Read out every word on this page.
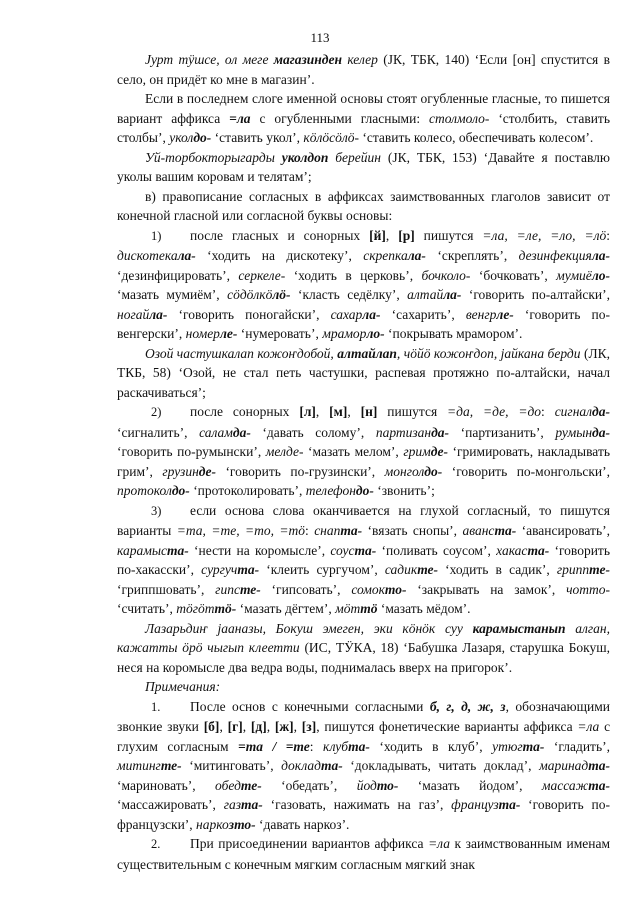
113

Јурт тӱшсе, ол меге магазинден келер (ЈК, ТБК, 140) ‘Если [он] спустится в село, он придёт ко мне в магазин’.

Если в последнем слоге именной основы стоят огубленные гласные, то пишется вариант аффикса =ла с огубленными гласными: столмоло- ‘столбить, ставить столбы’, уколдо- ‘ставить укол’, кӧлӧсӧлӧ- ‘ставить колесо, обеспечивать колесом’.

Уй-торбокторыгарды уколдоп берейин (ЈК, ТБК, 153) ‘Давайте я поставлю уколы вашим коровам и телятам’;

в) правописание согласных в аффиксах заимствованных глаголов зависит от конечной гласной или согласной буквы основы:

1) после гласных и сонорных [й], [р] пишутся =ла, =ле, =ло, =лӧ: дискотекала- ‘ходить на дискотеку’, скрепкала- ‘скреплять’, дезинфекцияла- ‘дезинфицировать’, серкеле- ‘ходить в церковь’, бочколо- ‘бочковать’, мумиёло- ‘мазать мумиём’, сӧдӧлкӧлӧ- ‘класть седёлку’, алтайла- ‘говорить по-алтайски’, ногайла- ‘говорить поногайски’, сахарла- ‘сахарить’, венгрле- ‘говорить по-венгерски’, номерле- ‘нумеровать’, мраморло- ‘покрывать мрамором’.

Озой частушкалап кожоҥдобой, алтайлап, чӧйӧ кожоҥдоп, јайкана берди (ЛК, ТКБ, 58) ‘Озой, не стал петь частушки, распевая протяжно по-алтайски, начал раскачиваться’;

2) после сонорных [л], [м], [н] пишутся =да, =де, =до: сигналда- ‘сигналить’, саламда- ‘давать солому’, партизанда- ‘партизанить’, румында- ‘говорить по-румынски’, мелде- ‘мазать мелом’, гримде- ‘гримировать, накладывать грим’, грузинде- ‘говорить по-грузински’, монголдо- ‘говорить по-монгольски’, протоколдо- ‘протоколировать’, телефондо- ‘звонить’;

3) если основа слова оканчивается на глухой согласный, то пишутся варианты =та, =те, =то, =тӧ: снапта- ‘вязать снопы’, аванста- ‘авансировать’, карамыста- ‘нести на коромысле’, соуста- ‘поливать соусом’, хакаста- ‘говорить по-хакасски’, сургучта- ‘клеить сургучом’, садикте- ‘ходить в садик’, гриппте- ‘гриппшовать’, гипсте- ‘гипсовать’, сомокто- ‘закрывать на замок’, чотто- ‘считать’, тӧгӧттӧ- ‘мазать дёгтем’, мӧттӧ ‘мазать мёдом’.

Лазарьдиҥ јааназы, Бокуш эмеген, эки кӧнӧк суу карамыстанып алган, кажатты ӧрӧ чыгып клеетти (ИС, ТӰКА, 18) ‘Бабушка Лазаря, старушка Бокуш, неся на коромысле два ведра воды, поднималась вверх на пригорок’.

Примечания:

1. После основ с конечными согласными б, г, д, ж, з, обозначающими звонкие звуки [б], [г], [д], [ж], [з], пишутся фонетические варианты аффикса =ла с глухим согласным =та / =те: клубта- ‘ходить в клуб’, утюгта- ‘гладить’, митингте- ‘митинговать’, докладта- ‘докладывать, читать доклад’, маринадта- ‘мариновать’, обедте- ‘обедать’, йодто- ‘мазать йодом’, массажта- ‘массажировать’, газта- ‘газовать, нажимать на газ’, французта- ‘говорить по-французски’, наркозто- ‘давать наркоз’.

2. При присоединении вариантов аффикса =ла к заимствованным именам существительным с конечным мягким согласным мягкий знак
